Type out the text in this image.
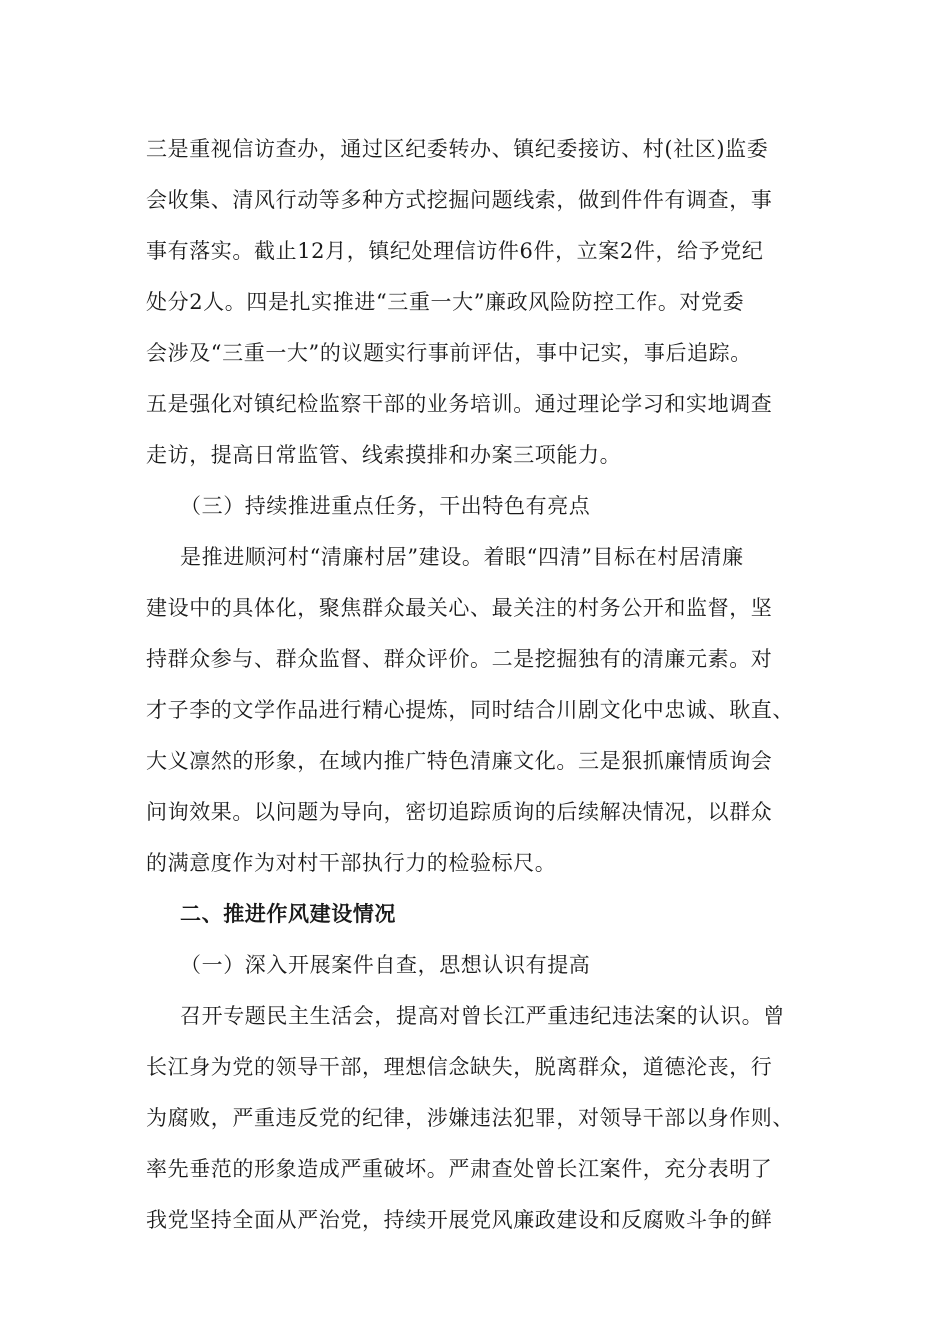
三是重视信访查办，通过区纪委转办、镇纪委接访、村(社区)监委
会收集、清风行动等多种方式挖掘问题线索，做到件件有调查，事
事有落实。截止12月，镇纪处理信访件6件，立案2件，给予党纪
处分2人。四是扎实推进“三重一大”廉政风险防控工作。对党委
会涉及“三重一大”的议题实行事前评估，事中记实，事后追踪。
五是强化对镇纪检监察干部的业务培训。通过理论学习和实地调查
走访，提高日常监管、线索摸排和办案三项能力。
（三）持续推进重点任务，干出特色有亮点
是推进顺河村“清廉村居”建设。着眼“四清”目标在村居清廉
建设中的具体化，聚焦群众最关心、最关注的村务公开和监督，坚
持群众参与、群众监督、群众评价。二是挖掘独有的清廉元素。对
才子李的文学作品进行精心提炼，同时结合川剧文化中忠诚、耿直、
大义凛然的形象，在域内推广特色清廉文化。三是狠抓廉情质询会
问询效果。以问题为导向，密切追踪质询的后续解决情况，以群众
的满意度作为对村干部执行力的检验标尺。
二、推进作风建设情况
（一）深入开展案件自查，思想认识有提高
召开专题民主生活会，提高对曾长江严重违纪违法案的认识。曾
长江身为党的领导干部，理想信念缺失，脱离群众，道德沦丧，行
为腐败，严重违反党的纪律，涉嫌违法犯罪，对领导干部以身作则、
率先垂范的形象造成严重破坏。严肃查处曾长江案件，充分表明了
我党坚持全面从严治党，持续开展党风廉政建设和反腐败斗争的鲜
